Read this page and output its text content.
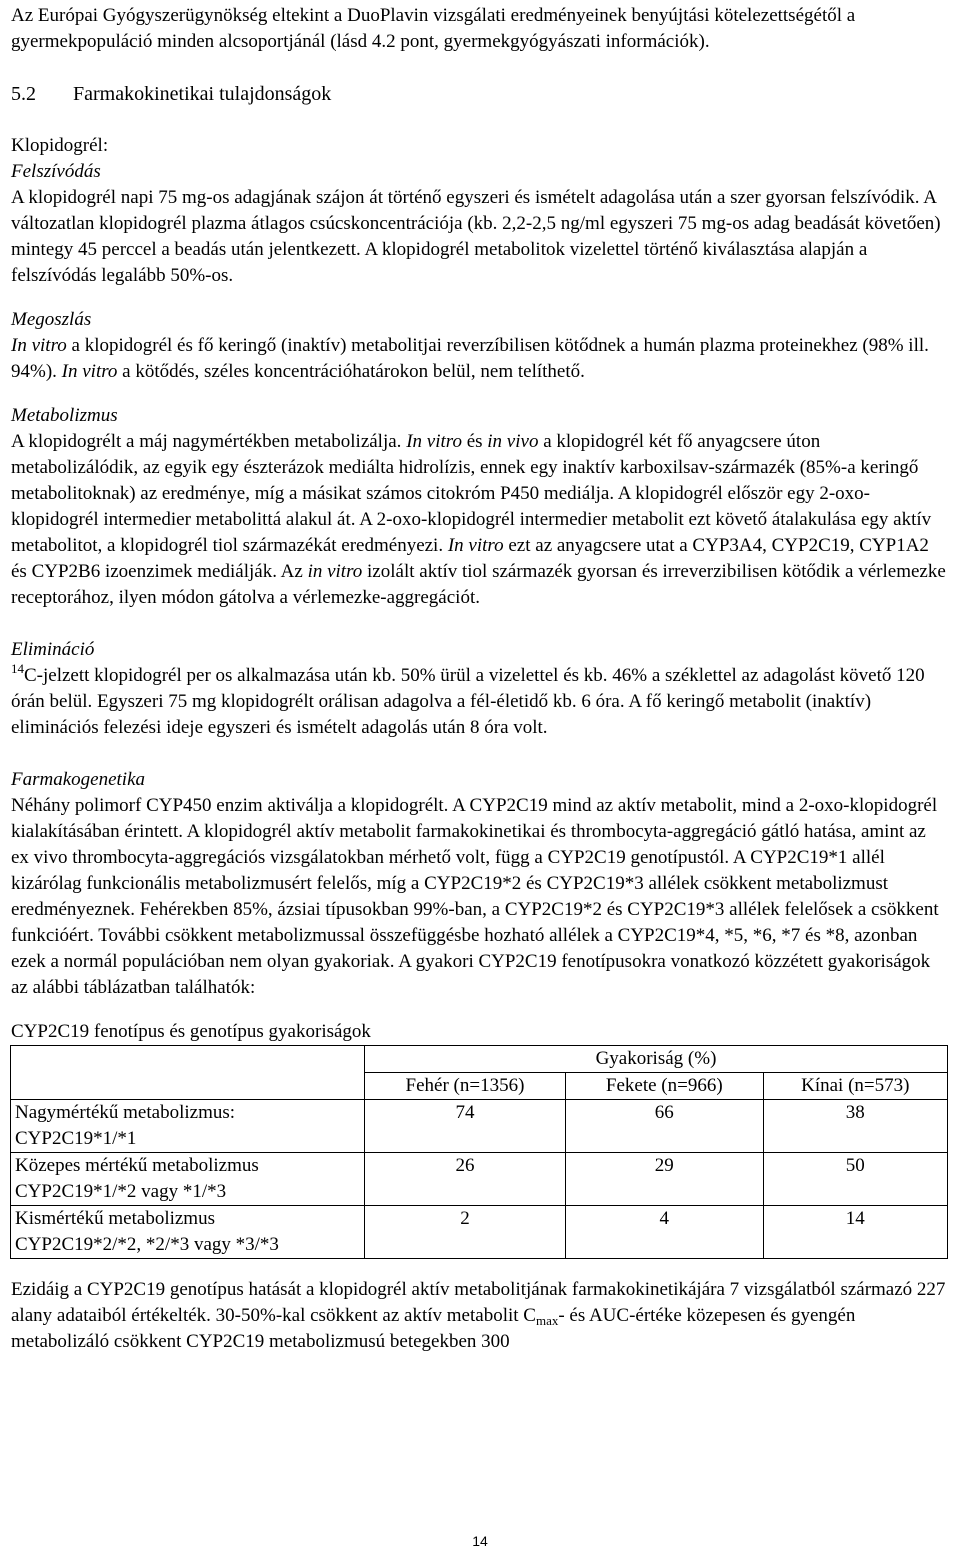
Az Európai Gyógyszerügynökség eltekint a DuoPlavin vizsgálati eredményeinek benyújtási kötelezettségétől a gyermekpopuláció minden alcsoportjánál (lásd 4.2 pont, gyermekgyógyászati információk).

5.2 Farmakokinetikai tulajdonságok

Klopidogrél:

Felszívódás

A klopidogrél napi 75 mg-os adagjának szájon át történő egyszeri és ismételt adagolása után a szer gyorsan felszívódik. A változatlan klopidogrél plazma átlagos csúcskoncentrációja (kb. 2,2-2,5 ng/ml egyszeri 75 mg-os adag beadását követően) mintegy 45 perccel a beadás után jelentkezett. A klopidogrél metabolitok vizelettel történő kiválasztása alapján a felszívódás legalább 50%-os.

Megoszlás

In vitro a klopidogrél és fő keringő (inaktív) metabolitjai reverzíbilisen kötődnek a humán plazma proteinekhez (98% ill. 94%). In vitro a kötődés, széles koncentrációhatárokon belül, nem telíthető.

Metabolizmus

A klopidogrélt a máj nagymértékben metabolizálja. In vitro és in vivo a klopidogrél két fő anyagcsere úton metabolizálódik, az egyik egy észterázok mediálta hidrolízis, ennek egy inaktív karboxilsav-származék (85%-a keringő metabolitoknak) az eredménye, míg a másikat számos citokróm P450 mediálja. A klopidogrél először egy 2-oxo-klopidogrél intermedier metabolittá alakul át. A 2-oxo-klopidogrél intermedier metabolit ezt követő átalakulása egy aktív metabolitot, a klopidogrél tiol származékát eredményezi. In vitro ezt az anyagcsere utat a CYP3A4, CYP2C19, CYP1A2 és CYP2B6 izoenzimek mediálják. Az in vitro izolált aktív tiol származék gyorsan és irreverzibilisen kötődik a vérlemezke receptorához, ilyen módon gátolva a vérlemezke-aggregációt.

Elimináció

$^{14}$C-jelzett klopidogrél per os alkalmazása után kb. 50% ürül a vizelettel és kb. 46% a széklettel az adagolást követő 120 órán belül. Egyszeri 75 mg klopidogrélt orálisan adagolva a fél-életidő kb. 6 óra. A fő keringő metabolit (inaktív) eliminációs felezési ideje egyszeri és ismételt adagolás után 8 óra volt.

Farmakogenetika

Néhány polimorf CYP450 enzim aktiválja a klopidogrélt. A CYP2C19 mind az aktív metabolit, mind a 2-oxo-klopidogrél kialakításában érintett. A klopidogrél aktív metabolit farmakokinetikai és thrombocyta-aggregáció gátló hatása, amint az ex vivo thrombocyta-aggregációs vizsgálatokban mérhető volt, függ a CYP2C19 genotípustól. A CYP2C19*1 allél kizárólag funkcionális metabolizmusért felelős, míg a CYP2C19*2 és CYP2C19*3 allélek csökkent metabolizmust eredményeznek. Fehérekben 85%, ázsiai típusokban 99%-ban, a CYP2C19*2 és CYP2C19*3 allélek felelősek a csökkent funkcióért. További csökkent metabolizmussal összefüggésbe hozható allélek a CYP2C19*4, *5, *6, *7 és *8, azonban ezek a normál populációban nem olyan gyakoriak. A gyakori CYP2C19 fenotípusokra vonatkozó közzétett gyakoriságok az alábbi táblázatban találhatók:

CYP2C19 fenotípus és genotípus gyakoriságok

	Gyakoriság (%)		
	Fehér (n=1356)	Fekete (n=966)	Kínai (n=573)
Nagymértékű metabolizmus:
CYP2C19*1/*1	74	66	38
Közepes mértékű metabolizmus
CYP2C19*1/*2 vagy *1/*3	26	29	50
Kismértékű metabolizmus
CYP2C19*2/*2, *2/*3 vagy *3/*3	2	4	14

Ezidáig a CYP2C19 genotípus hatását a klopidogrél aktív metabolitjának farmakokinetikájára 7 vizsgálatból származó 227 alany adataiból értékelték. 30-50%-kal csökkent az aktív metabolit $C_{max}-$ és AUC-értéke közepesen és gyengén metabolizáló csökkent CYP2C19 metabolizmusú betegekben 300

14
